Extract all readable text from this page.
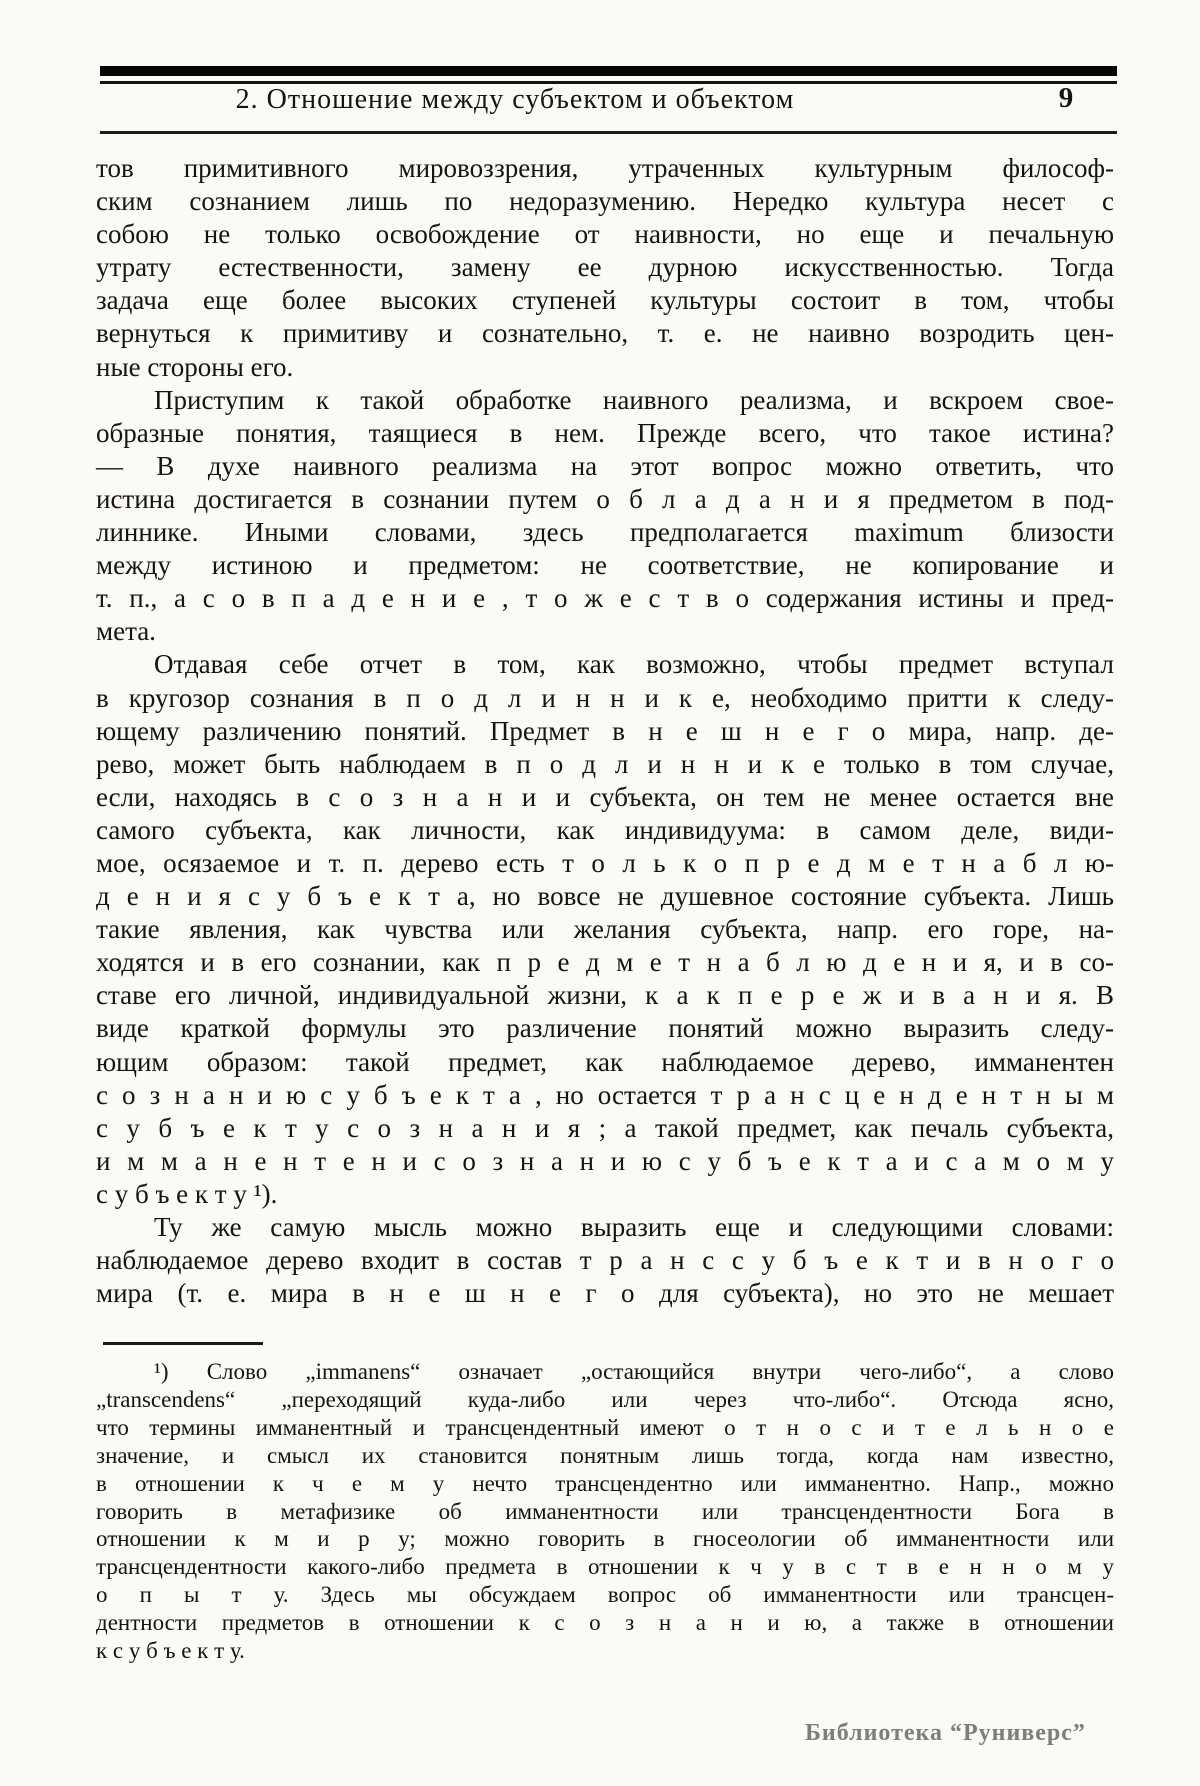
2. Отношение между субъектом и объектом	9
тов примитивного мировоззрения, утраченных культурным философ-
ским сознанием лишь по недоразумению. Нередко культура несет с
собою не только освобождение от наивности, но еще и печальную
утрату естественности, замену ее дурною искусственностью. Тогда
задача еще более высоких ступеней культуры состоит в том, чтобы
вернуться к примитиву и сознательно, т. е. не наивно возродить цен-
ные стороны его.
Приступим к такой обработке наивного реализма, и вскроем свое-
образные понятия, таящиеся в нем. Прежде всего, что такое истина?
— В духе наивного реализма на этот вопрос можно ответить, что
истина достигается в сознании путем о б л а д а н и я предметом в под-
линнике. Иными словами, здесь предполагается maximum близости
между истиною и предметом: не соответствие, не копирование и
т. п., а с о в п а д е н и е , т о ж е с т в о содержания истины и пред-
мета.
Отдавая себе отчет в том, как возможно, чтобы предмет вступал
в кругозор сознания в п о д л и н н и к е, необходимо притти к следу-
ющему различению понятий. Предмет в н е ш н е г о мира, напр. де-
рево, может быть наблюдаем в п о д л и н н и к е только в том случае,
если, находясь в с о з н а н и и субъекта, он тем не менее остается вне
самого субъекта, как личности, как индивидуума: в самом деле, види-
мое, осязаемое и т. п. дерево есть т о л ь к о п р е д м е т н а б л ю-
д е н и я с у б ъ е к т а, но вовсе не душевное состояние субъекта. Лишь
такие явления, как чувства или желания субъекта, напр. его горе, на-
ходятся и в его сознании, как п р е д м е т н а б л ю д е н и я, и в со-
ставе его личной, индивидуальной жизни, к а к п е р е ж и в а н и я. В
виде краткой формулы это различение понятий можно выразить следу-
ющим образом: такой предмет, как наблюдаемое дерево, имманентен
с о з н а н и ю с у б ъ е к т а , но остается т р а н с ц е н д е н т н ы м
с у б ъ е к т у с о з н а н и я ; а такой предмет, как печаль субъекта,
и м м а н е н т е н и с о з н а н и ю с у б ъ е к т а и с а м о м у
с у б ъ е к т у ¹).
Ту же самую мысль можно выразить еще и следующими словами:
наблюдаемое дерево входит в состав т р а н с с у б ъ е к т и в н о г о
мира (т. е. мира в н е ш н е г о для субъекта), но это не мешает
¹) Слово „immanens“ означает „остающийся внутри чего-либо“, а слово
„transcendens“ „переходящий куда-либо или через что-либо“. Отсюда ясно,
что термины имманентный и трансцендентный имеют о т н о с и т е л ь н о е
значение, и смысл их становится понятным лишь тогда, когда нам известно,
в отношении к ч е м у нечто трансцендентно или имманентно. Напр., можно
говорить в метафизике об имманентности или трансцендентности Бога в
отношении к м и р у; можно говорить в гносеологии об имманентности или
трансцендентности какого-либо предмета в отношении к ч у в с т в е н н о м у
о п ы т у. Здесь мы обсуждаем вопрос об имманентности или трансцен-
дентности предметов в отношении к с о з н а н и ю, а также в отношении
к с у б ъ е к т у.
Библиотека “Руниверс”
